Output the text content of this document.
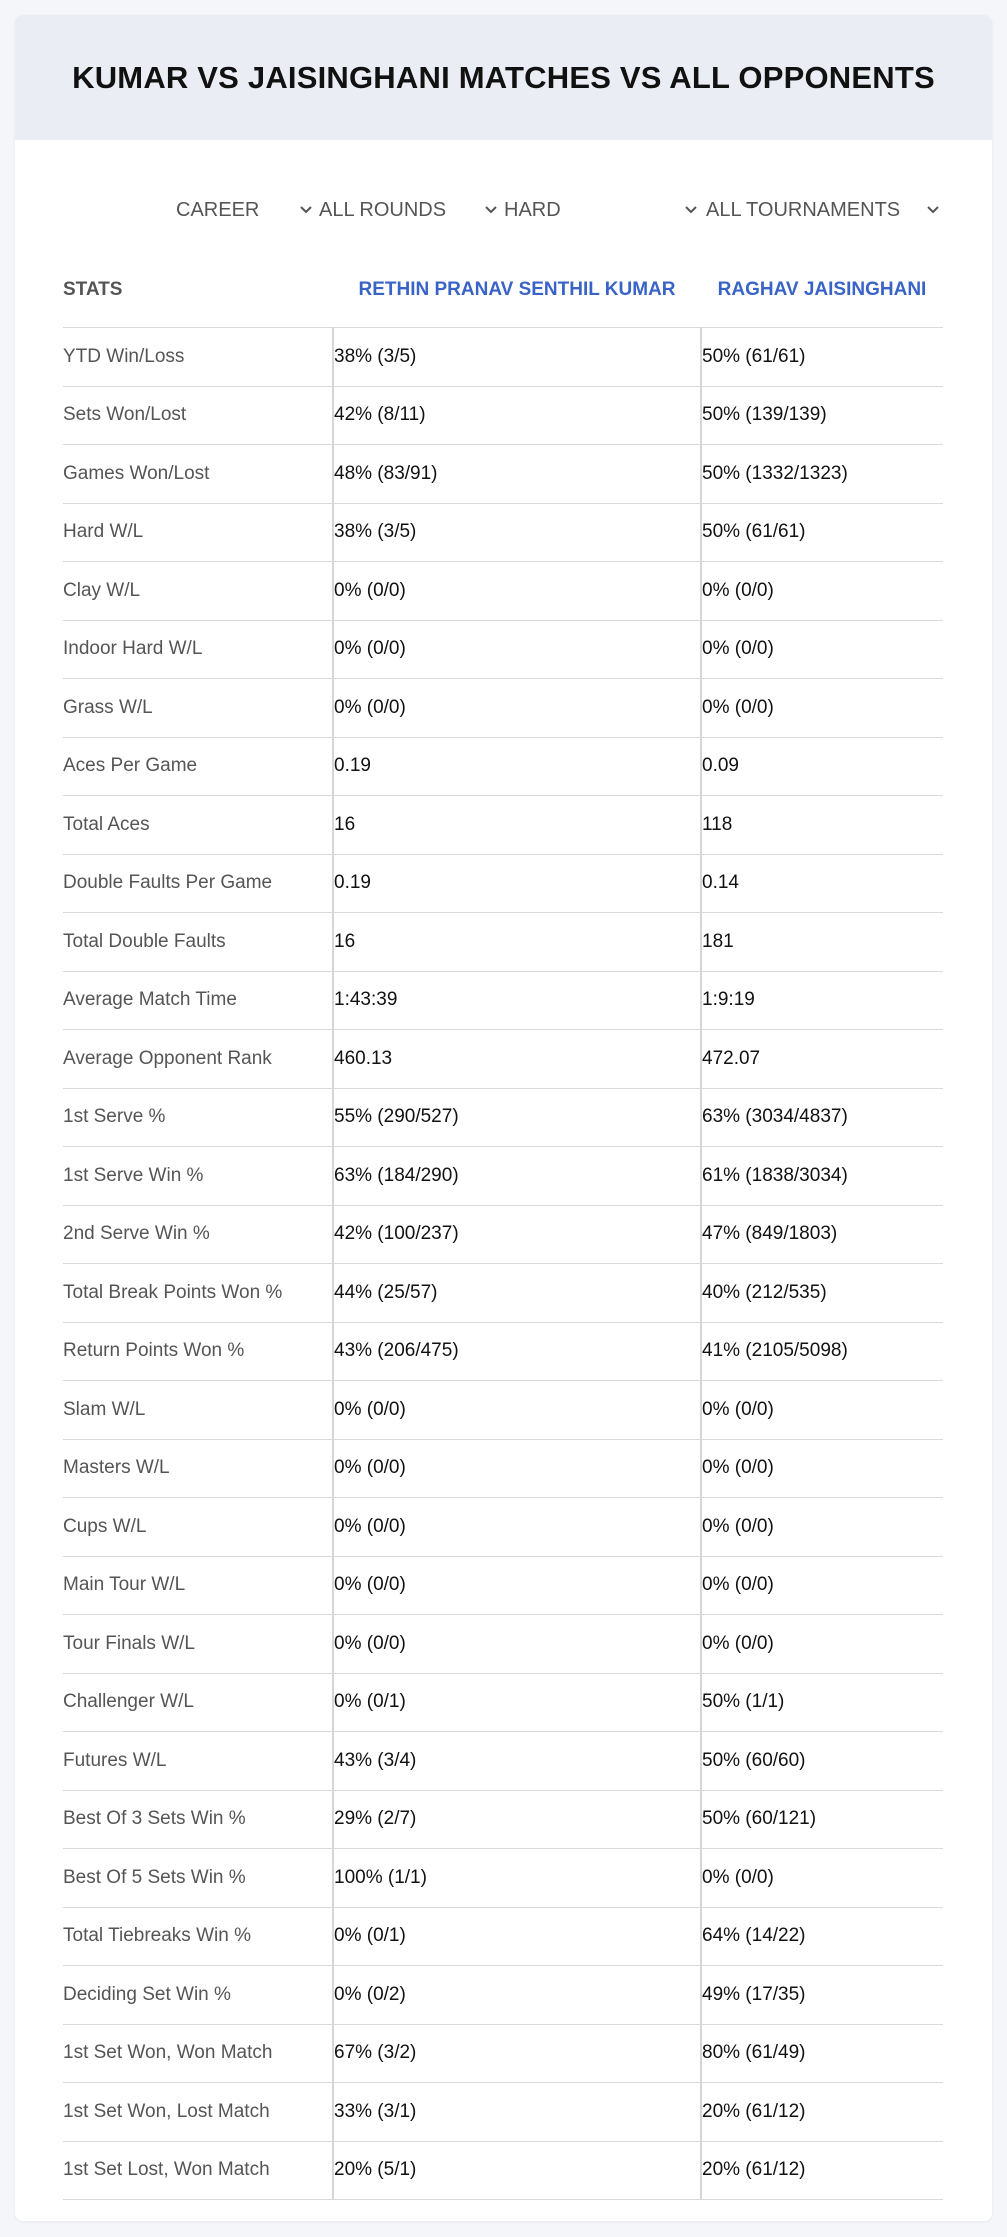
KUMAR VS JAISINGHANI MATCHES VS ALL OPPONENTS
CAREER	ALL ROUNDS	HARD	ALL TOURNAMENTS
STATS	RETHIN PRANAV SENTHIL KUMAR	RAGHAV JAISINGHANI

YTD Win/Loss	38% (3/5)	50% (61/61)
Sets Won/Lost	42% (8/11)	50% (139/139)
Games Won/Lost	48% (83/91)	50% (1332/1323)
Hard W/L	38% (3/5)	50% (61/61)
Clay W/L	0% (0/0)	0% (0/0)
Indoor Hard W/L	0% (0/0)	0% (0/0)
Grass W/L	0% (0/0)	0% (0/0)
Aces Per Game	0.19	0.09
Total Aces	16	118
Double Faults Per Game	0.19	0.14
Total Double Faults	16	181
Average Match Time	1:43:39	1:9:19
Average Opponent Rank	460.13	472.07
1st Serve %	55% (290/527)	63% (3034/4837)
1st Serve Win %	63% (184/290)	61% (1838/3034)
2nd Serve Win %	42% (100/237)	47% (849/1803)
Total Break Points Won %	44% (25/57)	40% (212/535)
Return Points Won %	43% (206/475)	41% (2105/5098)
Slam W/L	0% (0/0)	0% (0/0)
Masters W/L	0% (0/0)	0% (0/0)
Cups W/L	0% (0/0)	0% (0/0)
Main Tour W/L	0% (0/0)	0% (0/0)
Tour Finals W/L	0% (0/0)	0% (0/0)
Challenger W/L	0% (0/1)	50% (1/1)
Futures W/L	43% (3/4)	50% (60/60)
Best Of 3 Sets Win %	29% (2/7)	50% (60/121)
Best Of 5 Sets Win %	100% (1/1)	0% (0/0)
Total Tiebreaks Win %	0% (0/1)	64% (14/22)
Deciding Set Win %	0% (0/2)	49% (17/35)
1st Set Won, Won Match	67% (3/2)	80% (61/49)
1st Set Won, Lost Match	33% (3/1)	20% (61/12)
1st Set Lost, Won Match	20% (5/1)	20% (61/12)
